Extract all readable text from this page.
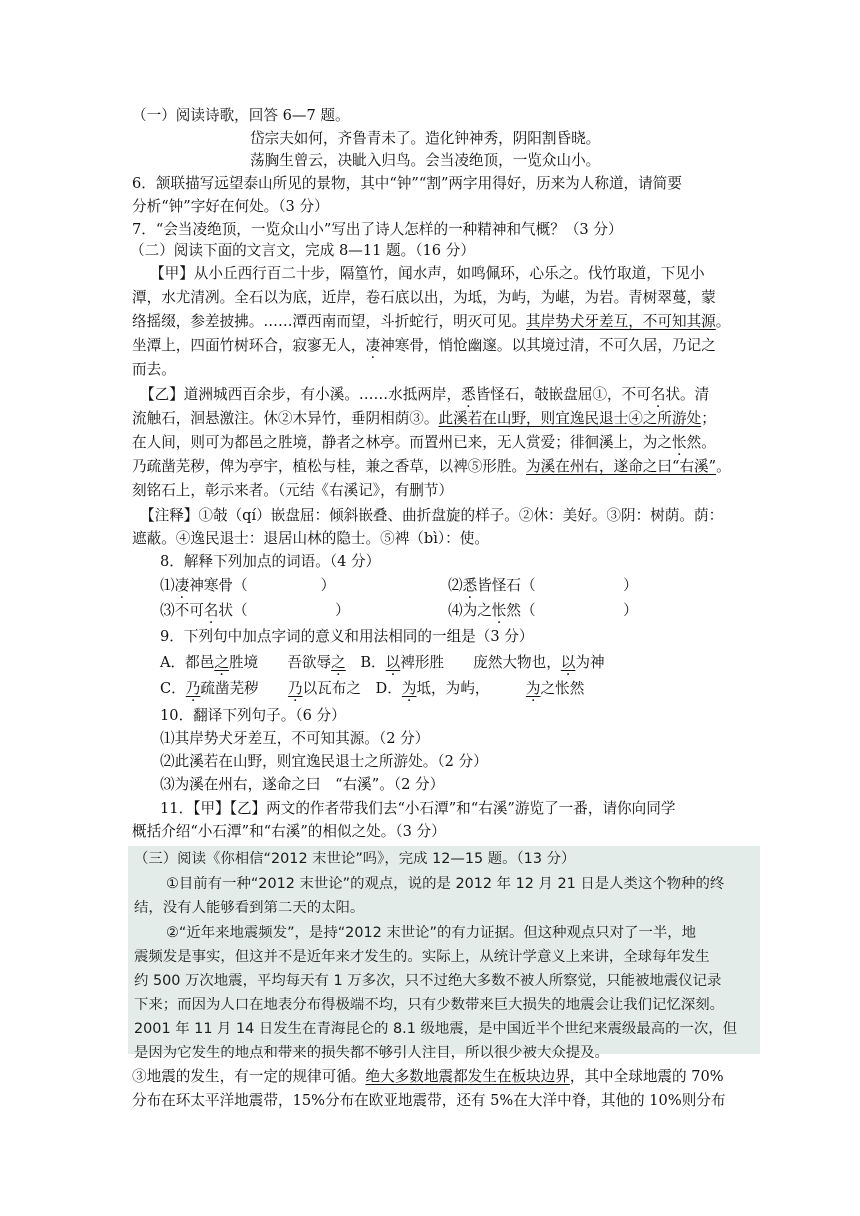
（一）阅读诗歌，回答 6—7 题。
岱宗夫如何，齐鲁青未了。造化钟神秀，阴阳割昏晓。
荡胸生曾云，决眦入归鸟。会当凌绝顶，一览众山小。
6．颔联描写远望泰山所见的景物，其中“钟”“割”两字用得好，历来为人称道，请简要
分析“钟”字好在何处。（3 分）
7．“会当凌绝顶，一览众山小”写出了诗人怎样的一种精神和气概？（3 分）
（二）阅读下面的文言文，完成 8—11 题。（16 分）
【甲】从小丘西行百二十步，隔篁竹，闻水声，如鸣佩环，心乐之。伐竹取道，下见小
潭，水尤清冽。全石以为底，近岸，卷石底以出，为坻，为屿，为嵁，为岩。青树翠蔓，蒙
络摇缀，参差披拂。……潭西南而望，斗折蛇行，明灭可见。其岸势犬牙差互，不可知其源。
坐潭上，四面竹树环合，寂寥无人，凄神寒骨，悄怆幽邃。以其境过清，不可久居，乃记之
而去。
【乙】道洲城西百余步，有小溪。……水抵两岸，悉皆怪石，攲嵌盘屈①，不可名状。清
流触石，洄悬激注。休②木异竹，垂阴相荫③。此溪若在山野，则宜逸民退士④之所游处；
在人间，则可为都邑之胜境，静者之林亭。而置州已来，无人赏爱；徘徊溪上，为之怅然。
乃疏凿芜秽，俾为亭宇，植松与桂，兼之香草，以裨⑤形胜。为溪在州右，遂命之曰“右溪”。
刻铭石上，彰示来者。（元结《右溪记》，有删节）
【注释】①攲（qí）嵌盘屈：倾斜嵌叠、曲折盘旋的样子。②休：美好。③阴：树荫。荫：
遮蔽。④逸民退士：退居山林的隐士。⑤裨（bì）：使。
8．解释下列加点的词语。（4 分）
⑴凄神寒骨（　　　　　）	⑵悉皆怪石（　　　　　　）
⑶不可名状（　　　　　　）	⑷为之怅然（　　　　　　）
9．下列句中加点字词的意义和用法相同的一组是（3 分）
A．都邑之胜境　　吾欲辱之　B．以裨形胜　　庞然大物也，以为神
C．乃疏凿芜秽　　乃以瓦布之　D．为坻，为屿，　　　为之怅然
10．翻译下列句子。（6 分）
⑴其岸势犬牙差互，不可知其源。（2 分）
⑵此溪若在山野，则宜逸民退士之所游处。（2 分）
⑶为溪在州右，遂命之曰　“右溪”。（2 分）
11．【甲】【乙】两文的作者带我们去“小石潭”和“右溪”游览了一番，请你向同学
概括介绍“小石潭”和“右溪”的相似之处。（3 分）
（三）阅读《你相信“2012 末世论”吗》，完成 12—15 题。（13 分）
①目前有一种“2012 末世论”的观点，说的是 2012 年 12 月 21 日是人类这个物种的终
结，没有人能够看到第二天的太阳。
②“近年来地震频发”，是持“2012 末世论”的有力证据。但这种观点只对了一半，地
震频发是事实，但这并不是近年来才发生的。实际上，从统计学意义上来讲，全球每年发生
约 500 万次地震，平均每天有 1 万多次，只不过绝大多数不被人所察觉，只能被地震仪记录
下来；而因为人口在地表分布得极端不均，只有少数带来巨大损失的地震会让我们记忆深刻。
2001 年 11 月 14 日发生在青海昆仑的 8.1 级地震，是中国近半个世纪来震级最高的一次，但
是因为它发生的地点和带来的损失都不够引人注目，所以很少被大众提及。
③地震的发生，有一定的规律可循。绝大多数地震都发生在板块边界，其中全球地震的 70%
分布在环太平洋地震带，15%分布在欧亚地震带，还有 5%在大洋中脊，其他的 10%则分布
